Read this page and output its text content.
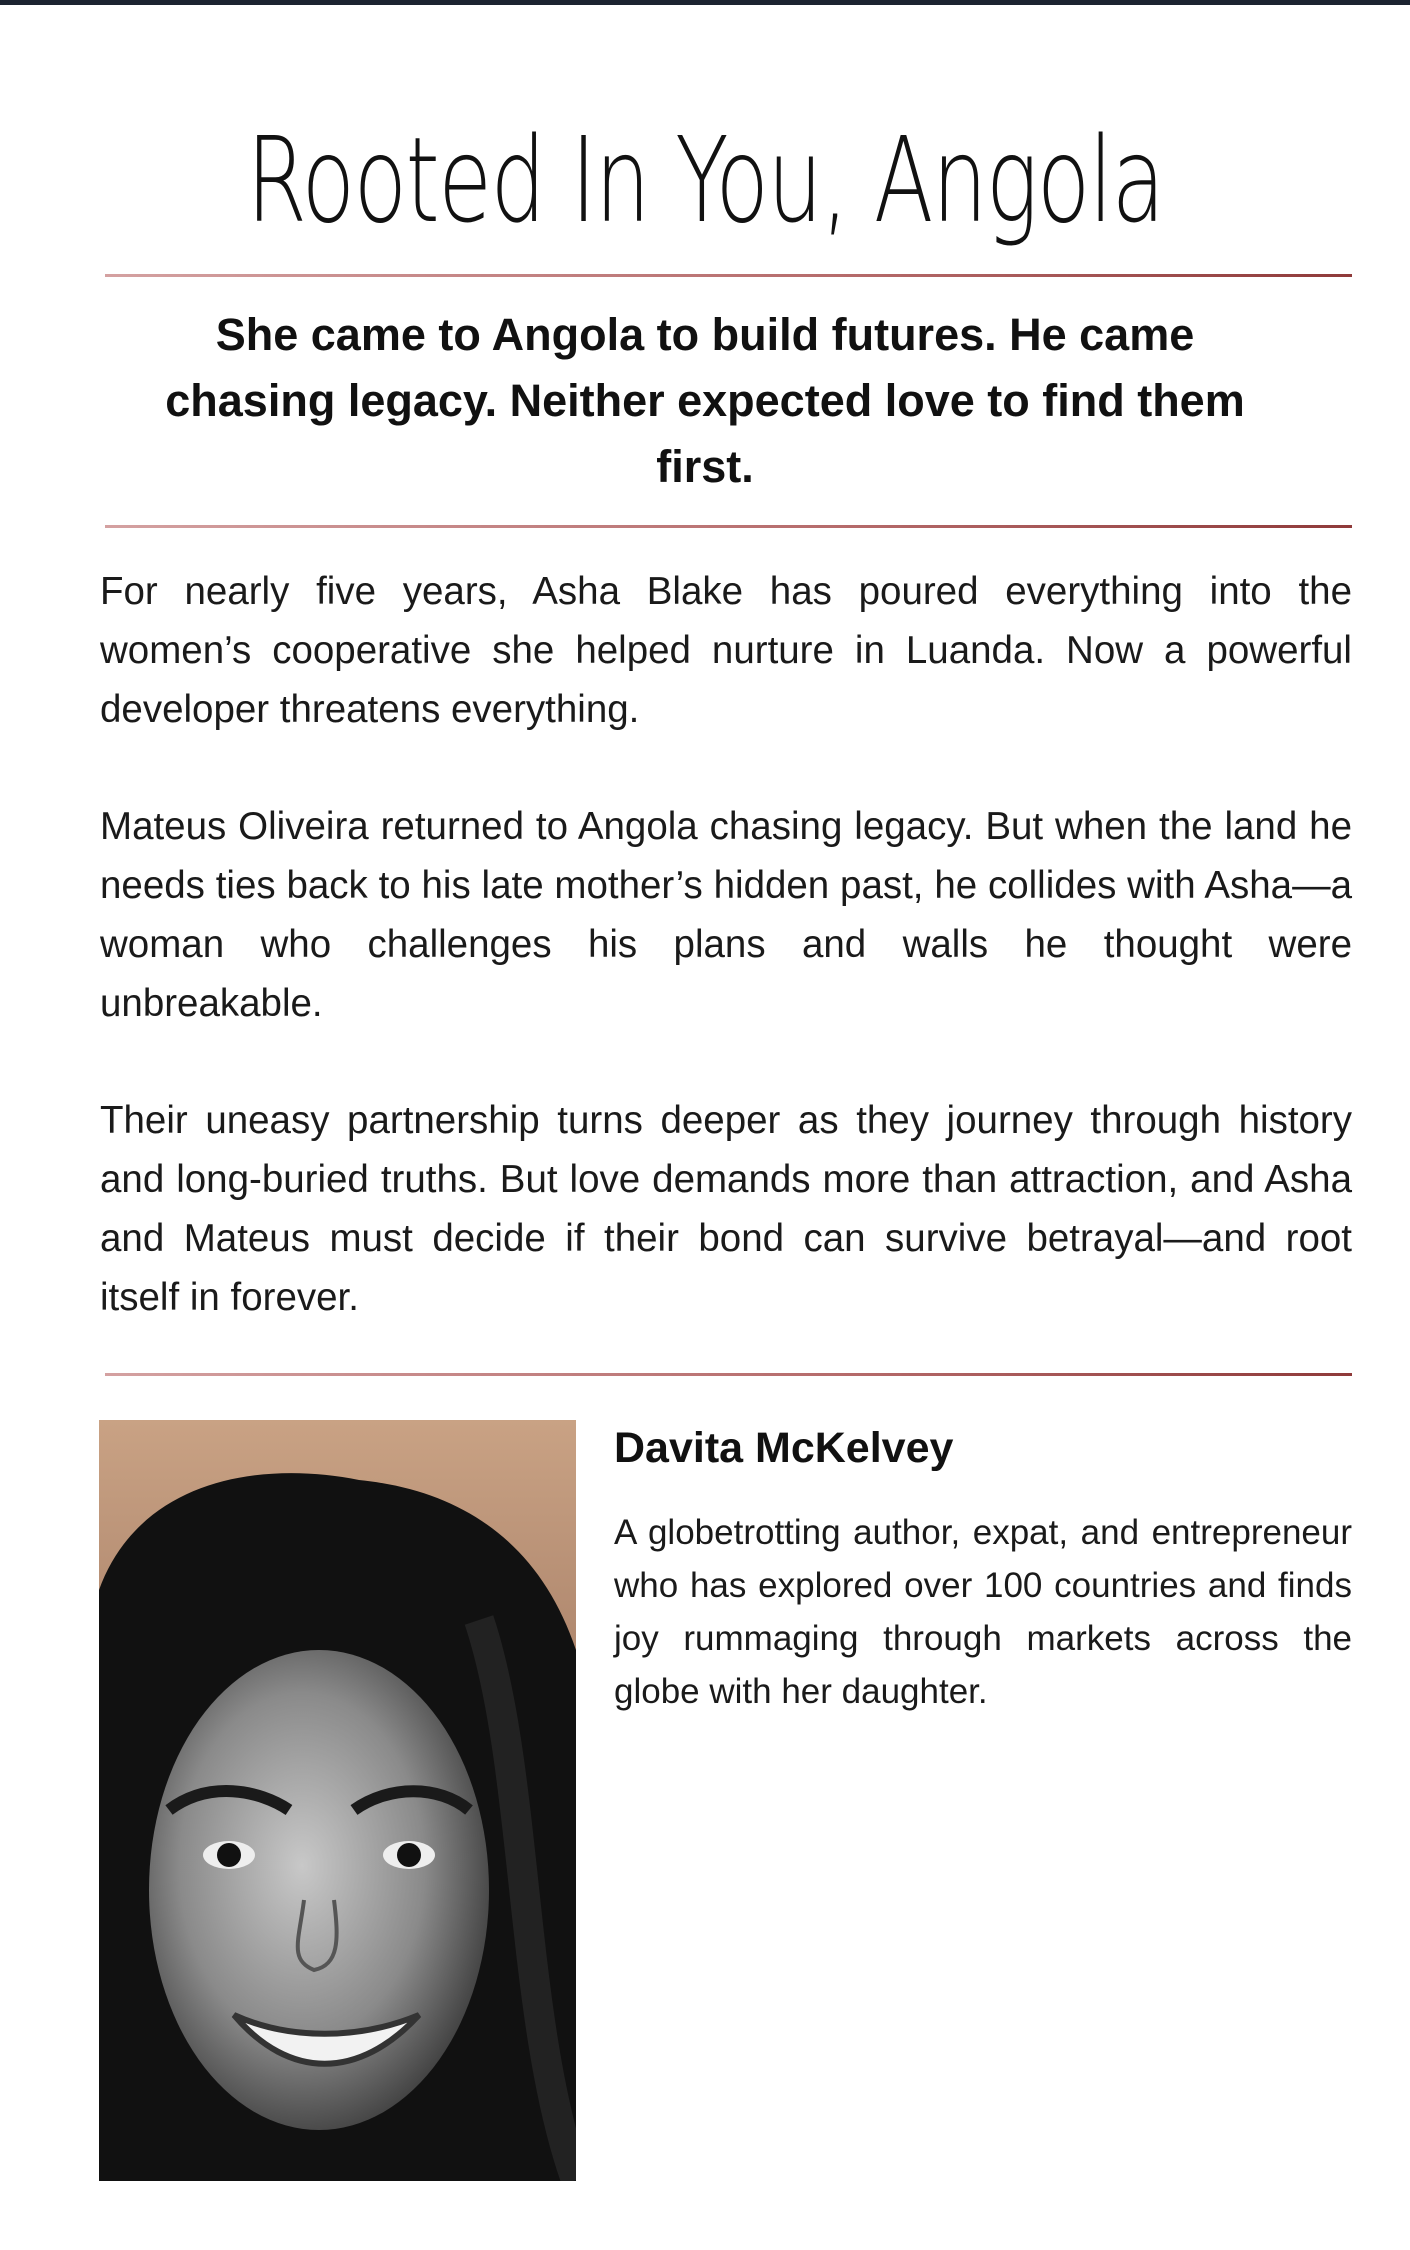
Rooted In You, Angola
She came to Angola to build futures. He came chasing legacy. Neither expected love to find them first.

For nearly five years, Asha Blake has poured everything into the women’s cooperative she helped nurture in Luanda. Now a powerful developer threatens everything.

Mateus Oliveira returned to Angola chasing legacy. But when the land he needs ties back to his late mother’s hidden past, he collides with Asha—a woman who challenges his plans and walls he thought were unbreakable.

Their uneasy partnership turns deeper as they journey through history and long-buried truths. But love demands more than attraction, and Asha and Mateus must decide if their bond can survive betrayal—and root itself in forever.

Davita McKelvey
A globetrotting author, expat, and entrepreneur who has explored over 100 countries and finds joy rummaging through markets across the globe with her daughter.
